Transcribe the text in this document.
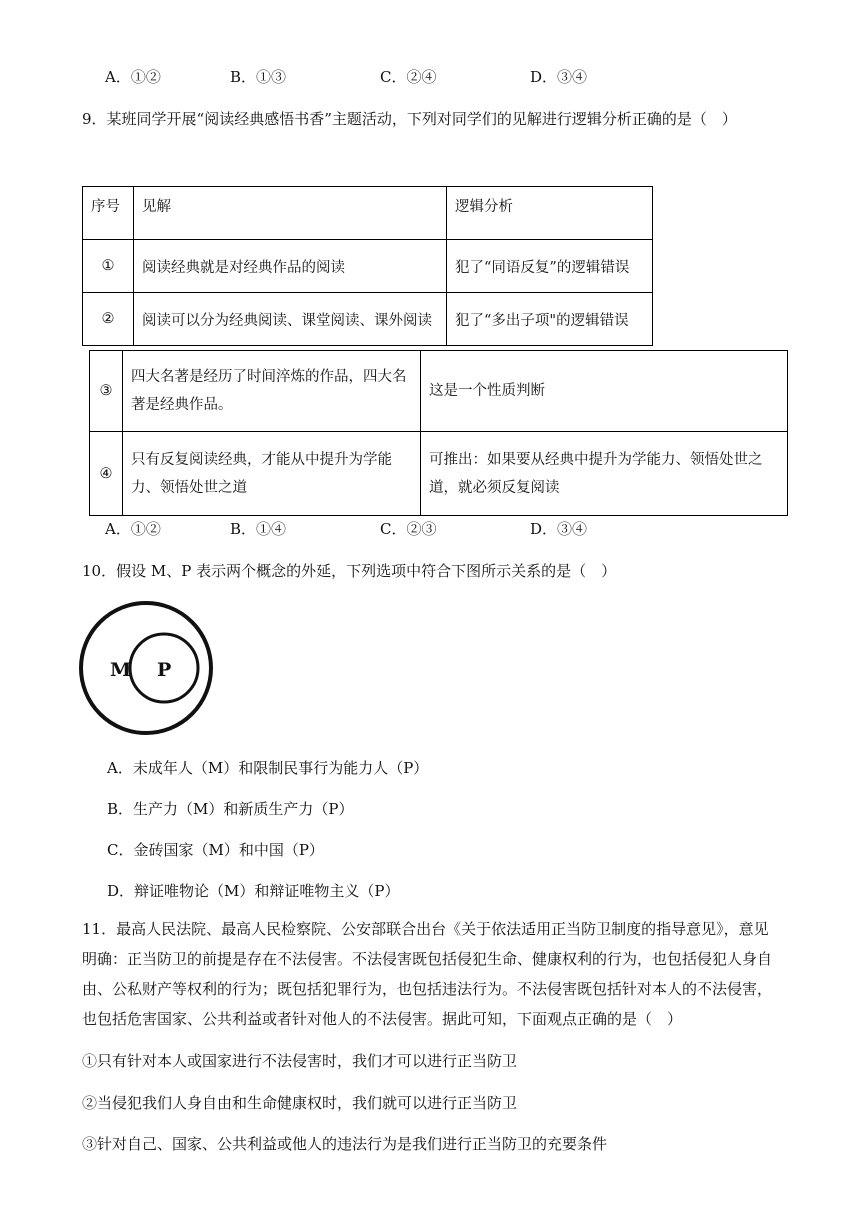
A．①②	B．①③	C．②④	D．③④
9．某班同学开展“阅读经典感悟书香”主题活动，下列对同学们的见解进行逻辑分析正确的是（　）
序号	见解	逻辑分析
①	阅读经典就是对经典作品的阅读	犯了“同语反复”的逻辑错误
②	阅读可以分为经典阅读、课堂阅读、课外阅读	犯了“多出子项"的逻辑错误
③	四大名著是经历了时间淬炼的作品，四大名著是经典作品。	这是一个性质判断
④	只有反复阅读经典，才能从中提升为学能力、领悟处世之道	可推出：如果要从经典中提升为学能力、领悟处世之道，就必须反复阅读
A．①②	B．①④	C．②③	D．③④
10．假设 M、P 表示两个概念的外延，下列选项中符合下图所示关系的是（　）
M P
A．未成年人（M）和限制民事行为能力人（P）
B．生产力（M）和新质生产力（P）
C．金砖国家（M）和中国（P）
D．辩证唯物论（M）和辩证唯物主义（P）
11．最高人民法院、最高人民检察院、公安部联合出台《关于依法适用正当防卫制度的指导意见》，意见
明确：正当防卫的前提是存在不法侵害。不法侵害既包括侵犯生命、健康权利的行为，也包括侵犯人身自
由、公私财产等权利的行为；既包括犯罪行为，也包括违法行为。不法侵害既包括针对本人的不法侵害，
也包括危害国家、公共利益或者针对他人的不法侵害。据此可知，下面观点正确的是（　）
①只有针对本人或国家进行不法侵害时，我们才可以进行正当防卫
②当侵犯我们人身自由和生命健康权时，我们就可以进行正当防卫
③针对自己、国家、公共利益或他人的违法行为是我们进行正当防卫的充要条件
